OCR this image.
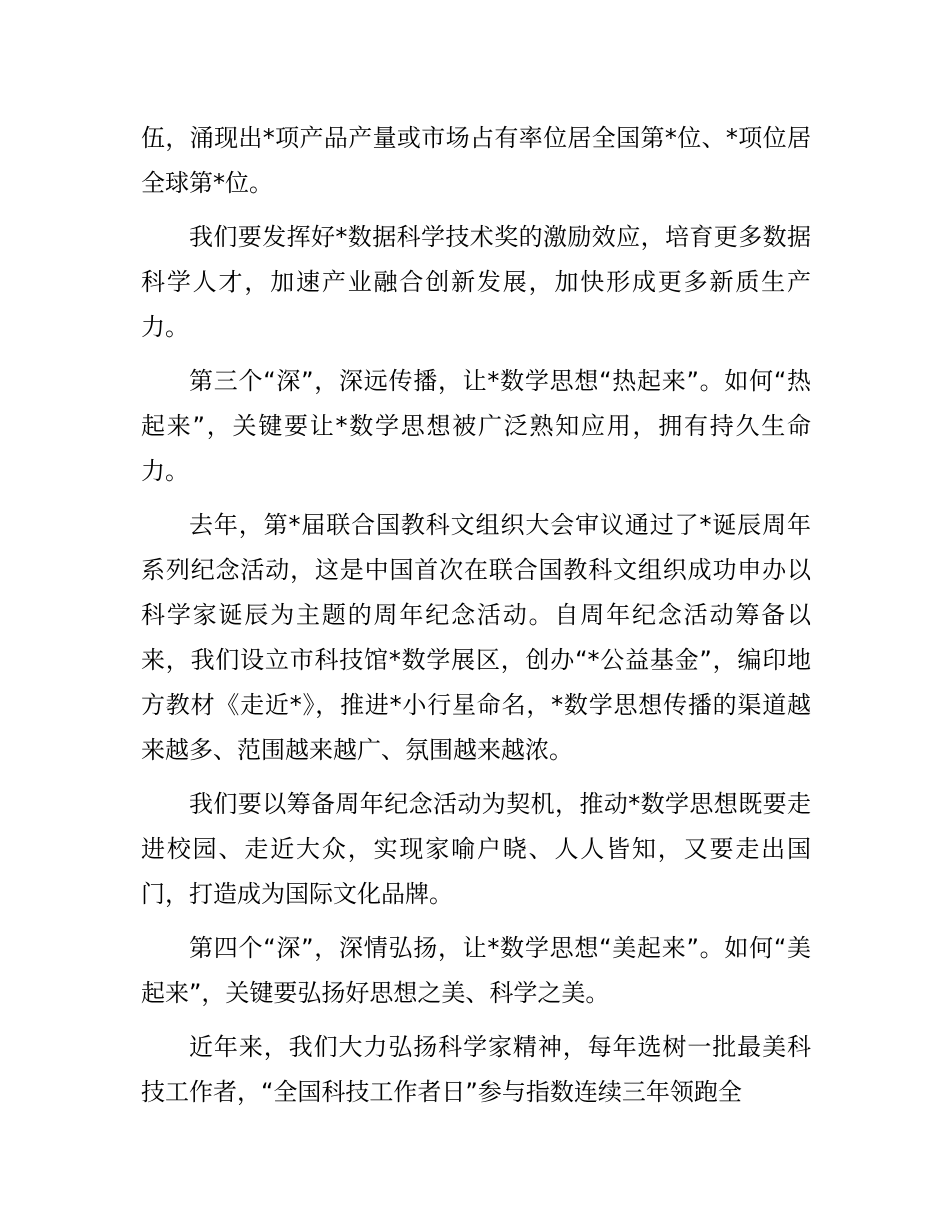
伍，涌现出*项产品产量或市场占有率位居全国第*位、*项位居全球第*位。

我们要发挥好*数据科学技术奖的激励效应，培育更多数据科学人才，加速产业融合创新发展，加快形成更多新质生产力。

第三个“深”，深远传播，让*数学思想“热起来”。如何“热起来”，关键要让*数学思想被广泛熟知应用，拥有持久生命力。

去年，第*届联合国教科文组织大会审议通过了*诞辰周年系列纪念活动，这是中国首次在联合国教科文组织成功申办以科学家诞辰为主题的周年纪念活动。自周年纪念活动筹备以来，我们设立市科技馆*数学展区，创办“*公益基金”，编印地方教材《走近*》，推进*小行星命名，*数学思想传播的渠道越来越多、范围越来越广、氛围越来越浓。

我们要以筹备周年纪念活动为契机，推动*数学思想既要走进校园、走近大众，实现家喻户晓、人人皆知，又要走出国门，打造成为国际文化品牌。

第四个“深”，深情弘扬，让*数学思想“美起来”。如何“美起来”，关键要弘扬好思想之美、科学之美。

近年来，我们大力弘扬科学家精神，每年选树一批最美科技工作者，“全国科技工作者日”参与指数连续三年领跑全
